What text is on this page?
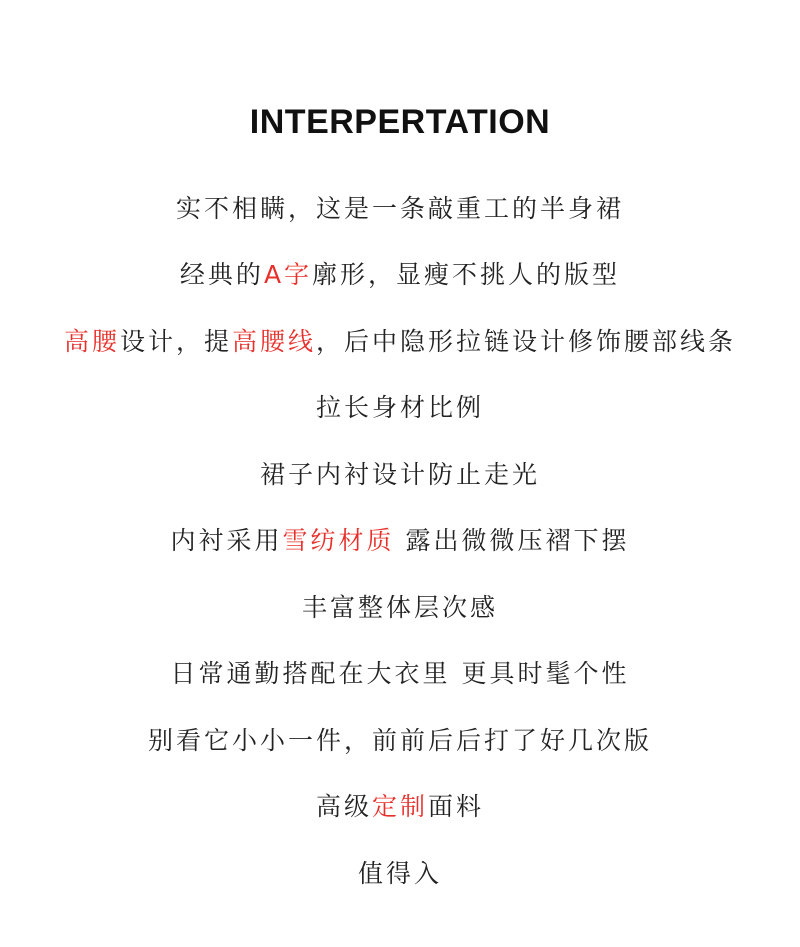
INTERPERTATION
实不相瞒，这是一条敲重工的半身裙
经典的A字廓形，显瘦不挑人的版型
高腰设计，提高腰线，后中隐形拉链设计修饰腰部线条
拉长身材比例
裙子内衬设计防止走光
内衬采用雪纺材质 露出微微压褶下摆
丰富整体层次感
日常通勤搭配在大衣里 更具时髦个性
别看它小小一件，前前后后打了好几次版
高级定制面料
值得入
